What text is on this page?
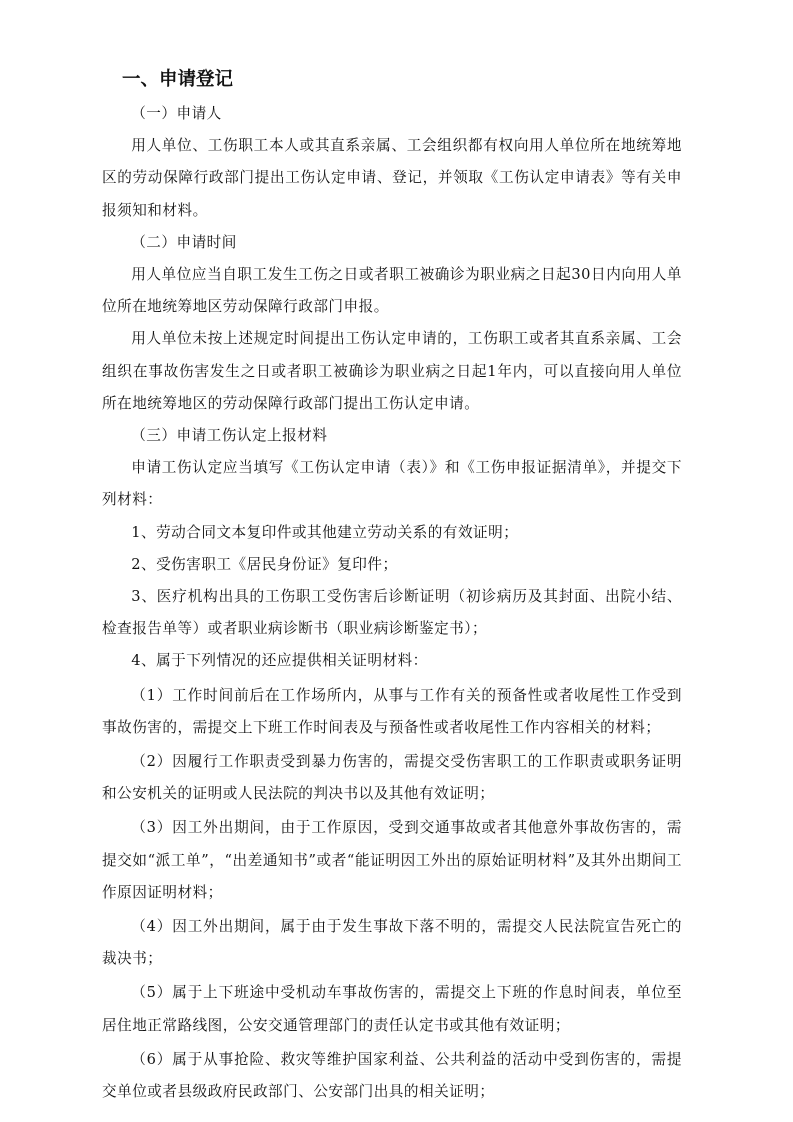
一、申请登记

（一）申请人

用人单位、工伤职工本人或其直系亲属、工会组织都有权向用人单位所在地统筹地区的劳动保障行政部门提出工伤认定申请、登记，并领取《工伤认定申请表》等有关申报须知和材料。

（二）申请时间

用人单位应当自职工发生工伤之日或者职工被确诊为职业病之日起30日内向用人单位所在地统筹地区劳动保障行政部门申报。

用人单位未按上述规定时间提出工伤认定申请的，工伤职工或者其直系亲属、工会组织在事故伤害发生之日或者职工被确诊为职业病之日起1年内，可以直接向用人单位所在地统筹地区的劳动保障行政部门提出工伤认定申请。

（三）申请工伤认定上报材料

申请工伤认定应当填写《工伤认定申请（表）》和《工伤申报证据清单》，并提交下列材料：

1、劳动合同文本复印件或其他建立劳动关系的有效证明；

2、受伤害职工《居民身份证》复印件；

3、医疗机构出具的工伤职工受伤害后诊断证明（初诊病历及其封面、出院小结、检查报告单等）或者职业病诊断书（职业病诊断鉴定书）；

4、属于下列情况的还应提供相关证明材料：

（1）工作时间前后在工作场所内，从事与工作有关的预备性或者收尾性工作受到事故伤害的，需提交上下班工作时间表及与预备性或者收尾性工作内容相关的材料；

（2）因履行工作职责受到暴力伤害的，需提交受伤害职工的工作职责或职务证明和公安机关的证明或人民法院的判决书以及其他有效证明；

（3）因工外出期间，由于工作原因，受到交通事故或者其他意外事故伤害的，需提交如“派工单”，“出差通知书”或者“能证明因工外出的原始证明材料”及其外出期间工作原因证明材料；

（4）因工外出期间，属于由于发生事故下落不明的，需提交人民法院宣告死亡的裁决书；

（5）属于上下班途中受机动车事故伤害的，需提交上下班的作息时间表，单位至居住地正常路线图，公安交通管理部门的责任认定书或其他有效证明；

（6）属于从事抢险、救灾等维护国家利益、公共利益的活动中受到伤害的，需提交单位或者县级政府民政部门、公安部门出具的相关证明；
